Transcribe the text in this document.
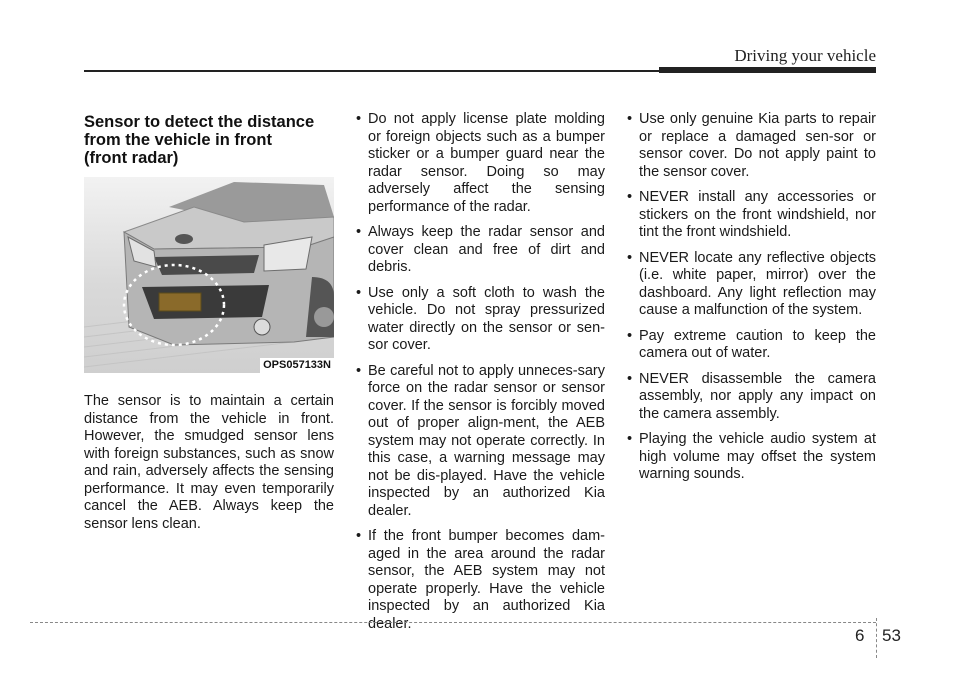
Driving your vehicle
Sensor to detect the distance
from the vehicle in front
(front radar)
OPS057133N

The sensor is to maintain a certain distance from the vehicle in front. However, the smudged sensor lens with foreign substances, such as snow and rain, adversely affects the sensing performance. It may even temporarily cancel the AEB. Always keep the sensor lens clean.

• Do not apply license plate molding or foreign objects such as a bumper sticker or a bumper guard near the radar sensor. Doing so may adversely affect the sensing performance of the radar.
• Always keep the radar sensor and cover clean and free of dirt and debris.
• Use only a soft cloth to wash the vehicle. Do not spray pressurized water directly on the sensor or sen-sor cover.
• Be careful not to apply unneces-sary force on the radar sensor or sensor cover. If the sensor is forcibly moved out of proper align-ment, the AEB system may not operate correctly. In this case, a warning message may not be dis-played. Have the vehicle inspected by an authorized Kia dealer.
• If the front bumper becomes dam-aged in the area around the radar sensor, the AEB system may not operate properly. Have the vehicle inspected by an authorized Kia dealer.
• Use only genuine Kia parts to repair or replace a damaged sen-sor or sensor cover. Do not apply paint to the sensor cover.
• NEVER install any accessories or stickers on the front windshield, nor tint the front windshield.
• NEVER locate any reflective objects (i.e. white paper, mirror) over the dashboard. Any light reflection may cause a malfunction of the system.
• Pay extreme caution to keep the camera out of water.
• NEVER disassemble the camera assembly, nor apply any impact on the camera assembly.
• Playing the vehicle audio system at high volume may offset the system warning sounds.
6 53
